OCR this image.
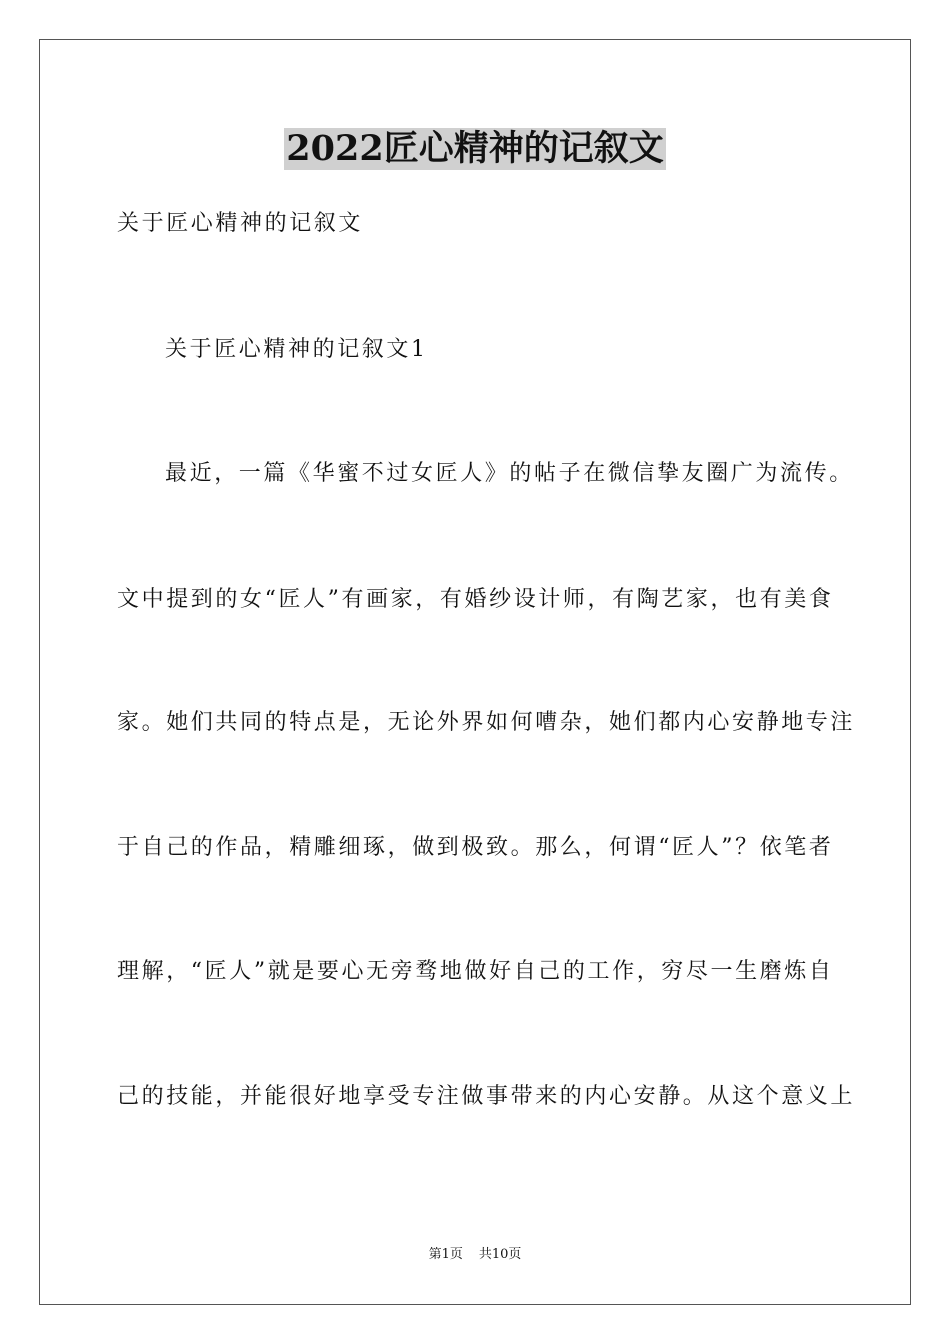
2022匠心精神的记叙文
关于匠心精神的记叙文
关于匠心精神的记叙文1
最近，一篇《华蜜不过女匠人》的帖子在微信挚友圈广为流传。
文中提到的女“匠人”有画家，有婚纱设计师，有陶艺家，也有美食
家。她们共同的特点是，无论外界如何嘈杂，她们都内心安静地专注
于自己的作品，精雕细琢，做到极致。那么，何谓“匠人”？依笔者
理解，“匠人”就是要心无旁骛地做好自己的工作，穷尽一生磨炼自
己的技能，并能很好地享受专注做事带来的内心安静。从这个意义上
第1页 共10页
